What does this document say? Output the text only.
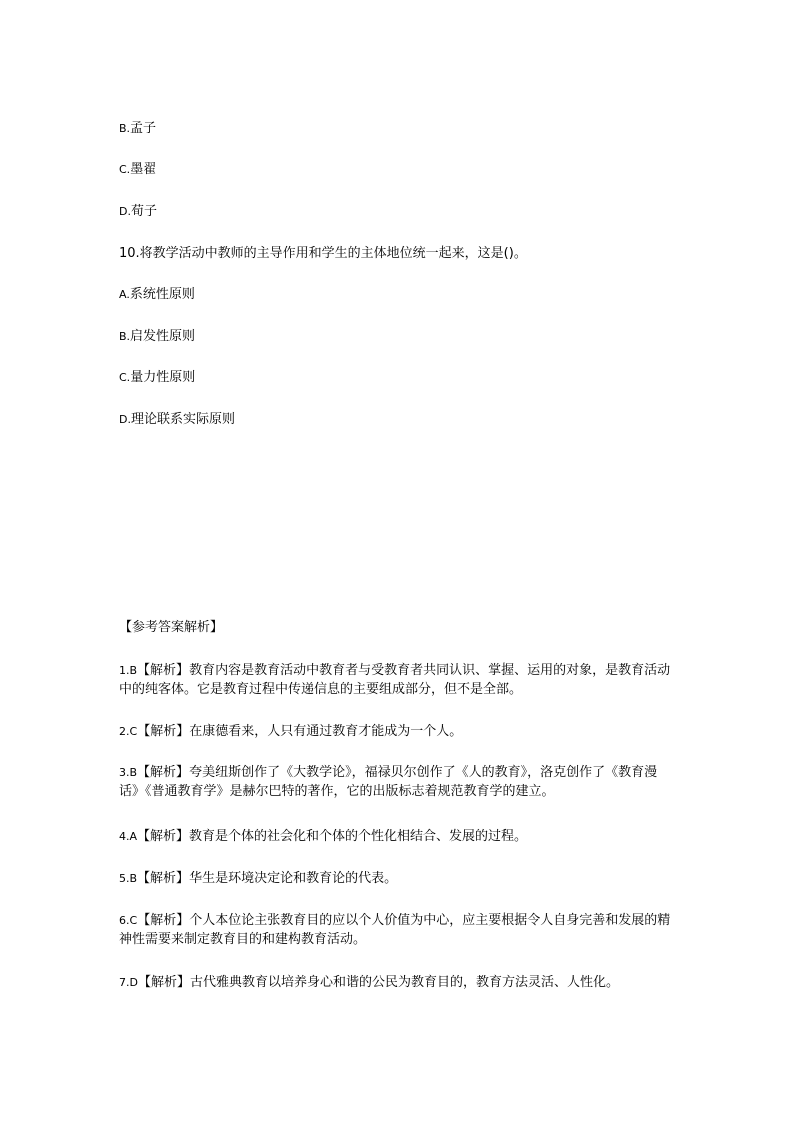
B.孟子

C.墨翟

D.荀子

10.将教学活动中教师的主导作用和学生的主体地位统一起来，这是()。

A.系统性原则

B.启发性原则

C.量力性原则

D.理论联系实际原则

【参考答案解析】

1.B【解析】教育内容是教育活动中教育者与受教育者共同认识、掌握、运用的对象，是教育活动中的纯客体。它是教育过程中传递信息的主要组成部分，但不是全部。

2.C【解析】在康德看来，人只有通过教育才能成为一个人。

3.B【解析】夸美纽斯创作了《大教学论》，福禄贝尔创作了《人的教育》，洛克创作了《教育漫话》《普通教育学》是赫尔巴特的著作，它的出版标志着规范教育学的建立。

4.A【解析】教育是个体的社会化和个体的个性化相结合、发展的过程。

5.B【解析】华生是环境决定论和教育论的代表。

6.C【解析】个人本位论主张教育目的应以个人价值为中心，应主要根据令人自身完善和发展的精神性需要来制定教育目的和建构教育活动。

7.D【解析】古代雅典教育以培养身心和谐的公民为教育目的，教育方法灵活、人性化。
